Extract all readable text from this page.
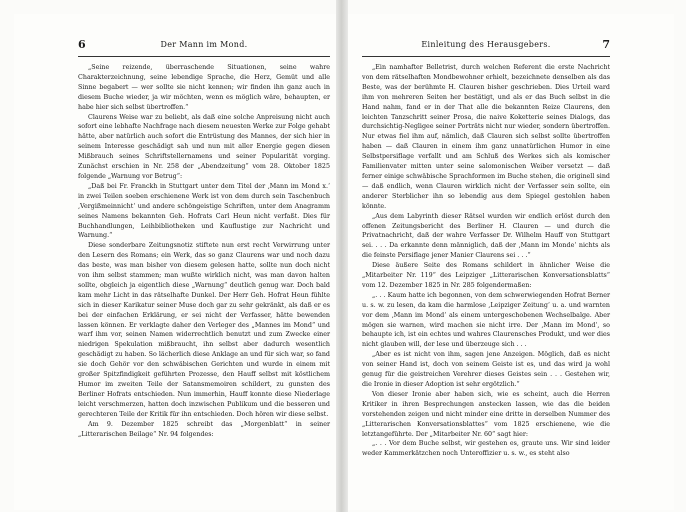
6	Der Mann im Mond.

„Seine reizende, überraschende Situationen, seine wahre Charakterzeichnung, seine lebendige Sprache, die Herz, Gemüt und alle Sinne begabert — wer sollte sie nicht kennen; wir finden ihn ganz auch in diesem Buche wieder, ja wir möchten, wenn es möglich wäre, behaupten, er habe hier sich selbst übertroffen.“

Claurens Weise war zu beliebt, als daß eine solche Anpreisung nicht auch sofort eine lebhafte Nachfrage nach diesem neuesten Werke zur Folge gehabt hätte, aber natürlich auch sofort die Entrüstung des Mannes, der sich hier in seinem Interesse geschädigt sah und nun mit aller Energie gegen diesen Mißbrauch seines Schriftstellernamens und seiner Popularität vorging. Zunächst erschien in Nr. 258 der „Abendzeitung“ vom 28. Oktober 1825 folgende „Warnung vor Betrug“:

„Daß bei Fr. Franckh in Stuttgart unter dem Titel der ‚Mann im Mond x.‘ in zwei Teilen soeben erschienene Werk ist von dem durch sein Taschenbuch ‚Vergißmeinnicht‘ und andere schöngeistige Schriften, unter dem Anagramm seines Namens bekannten Geh. Hofrats Carl Heun nicht verfaßt. Dies für Buchhandlungen, Leihbibliotheken und Kauflustige zur Nachricht und Warnung.“

Diese sonderbare Zeitungsnotiz stiftete nun erst recht Verwirrung unter den Lesern des Romans; ein Werk, das so ganz Claurens war und noch dazu das beste, was man bisher von diesem gelesen hatte, sollte nun doch nicht von ihm selbst stammen; man wußte wirklich nicht, was man davon halten sollte, obgleich ja eigentlich diese „Warnung“ deutlich genug war. Doch bald kam mehr Licht in das rätselhafte Dunkel. Der Herr Geh. Hofrat Heun fühlte sich in dieser Karikatur seiner Muse doch gar zu sehr gekränkt, als daß er es bei der einfachen Erklärung, er sei nicht der Verfasser, hätte bewenden lassen können. Er verklagte daher den Verleger des „Mannes im Mond“ und warf ihm vor, seinen Namen widerrechtlich benutzt und zum Zwecke einer niedrigen Spekulation mißbraucht, ihn selbst aber dadurch wesentlich geschädigt zu haben. So lächerlich diese Anklage an und für sich war, so fand sie doch Gehör vor den schwäbischen Gerichten und wurde in einem mit großer Spitzfindigkeit geführten Prozesse, den Hauff selbst mit köstlichem Humor im zweiten Teile der Satansmemoiren schildert, zu gunsten des Berliner Hofrats entschieden. Nun immerhin, Hauff konnte diese Niederlage leicht verschmerzen, hatten doch inzwischen Publikum und die besseren und gerechteren Teile der Kritik für ihn entschieden. Doch hören wir diese selbst.

Am 9. Dezember 1825 schreibt das „Morgenblatt“ in seiner „Litterarischen Beilage“ Nr. 94 folgendes:

Einleitung des Herausgebers.	7

„Ein namhafter Belletrist, durch welchen Referent die erste Nachricht von dem rätselhaften Mondbewohner erhielt, bezeichnete denselben als das Beste, was der berühmte H. Clauren bisher geschrieben. Dies Urteil ward ihm von mehreren Seiten her bestätigt, und als er das Buch selbst in die Hand nahm, fand er in der That alle die bekannten Reize Claurens, den leichten Tanzschritt seiner Prosa, die naive Koketterie seines Dialogs, das durchsichtig-Negligee seiner Porträts nicht nur wieder, sondern übertroffen. Nur etwas fiel ihm auf, nämlich, daß Clauren sich selbst sollte übertroffen haben — daß Clauren in einem ihm ganz unnatürlichen Humor in eine Selbstpersiflage verfallt und am Schluß des Werkes sich als komischer Familienvater mitten unter seine salomonischen Weiber versetzt — daß ferner einige schwäbische Sprachformen im Buche stehen, die originell sind — daß endlich, wenn Clauren wirklich nicht der Verfasser sein sollte, ein anderer Sterblicher ihn so lebendig aus dem Spiegel gestohlen haben könnte.

„Aus dem Labyrinth dieser Rätsel wurden wir endlich erlöst durch den offenen Zeitungsbericht des Berliner H. Clauren — und durch die Privatnachricht, daß der wahre Verfasser Dr. Wilhelm Hauff von Stuttgart sei. . . . Da erkannte denn männiglich, daß der ‚Mann im Monde‘ nichts als die feinste Persiflage jener Manier Claurens sei . . .“

Diese äußere Seite des Romans schildert in ähnlicher Weise die „Mitarbeiter Nr. 119“ des Leipziger „Litterarischen Konversationsblatts“ vom 12. Dezember 1825 in Nr. 285 folgendermaßen:

„. . . Kaum hatte ich begonnen, von dem schwerwiegenden Hofrat Berner u. s. w. zu lesen, da kam die harmlose ‚Leipziger Zeitung‘ u. a. und warnten vor dem ‚Mann im Mond‘ als einem untergeschobenen Wechselbalge. Aber mögen sie warnen, wird machen sie nicht irre. Der ‚Mann im Mond‘, so behaupte ich, ist ein echtes und wahres Claurensches Produkt, und wer dies nicht glauben will, der lese und überzeuge sich . . .

„Aber es ist nicht von ihm, sagen jene Anzeigen. Möglich, daß es nicht von seiner Hand ist, doch von seinem Geiste ist es, und das wird ja wohl genug für die geistreichen Verehrer dieses Geistes sein . . . Gestehen wir, die Ironie in dieser Adoption ist sehr ergötzlich.“

Von dieser Ironie aber haben sich, wie es scheint, auch die Herren Kritiker in ihren Besprechungen anstecken lassen, wie das die beiden vorstehenden zeigen und nicht minder eine dritte in derselben Nummer des „Litterarischen Konversationsblattes“ vom 1825 erschienene, wie die letztangeführte. Der „Mitarbeiter Nr. 60“ sagt hier:

„. . . Vor dem Buche selbst, wir gestehen es, graute uns. Wir sind leider weder Kammerkätzchen noch Unteroffizier u. s. w., es steht also
